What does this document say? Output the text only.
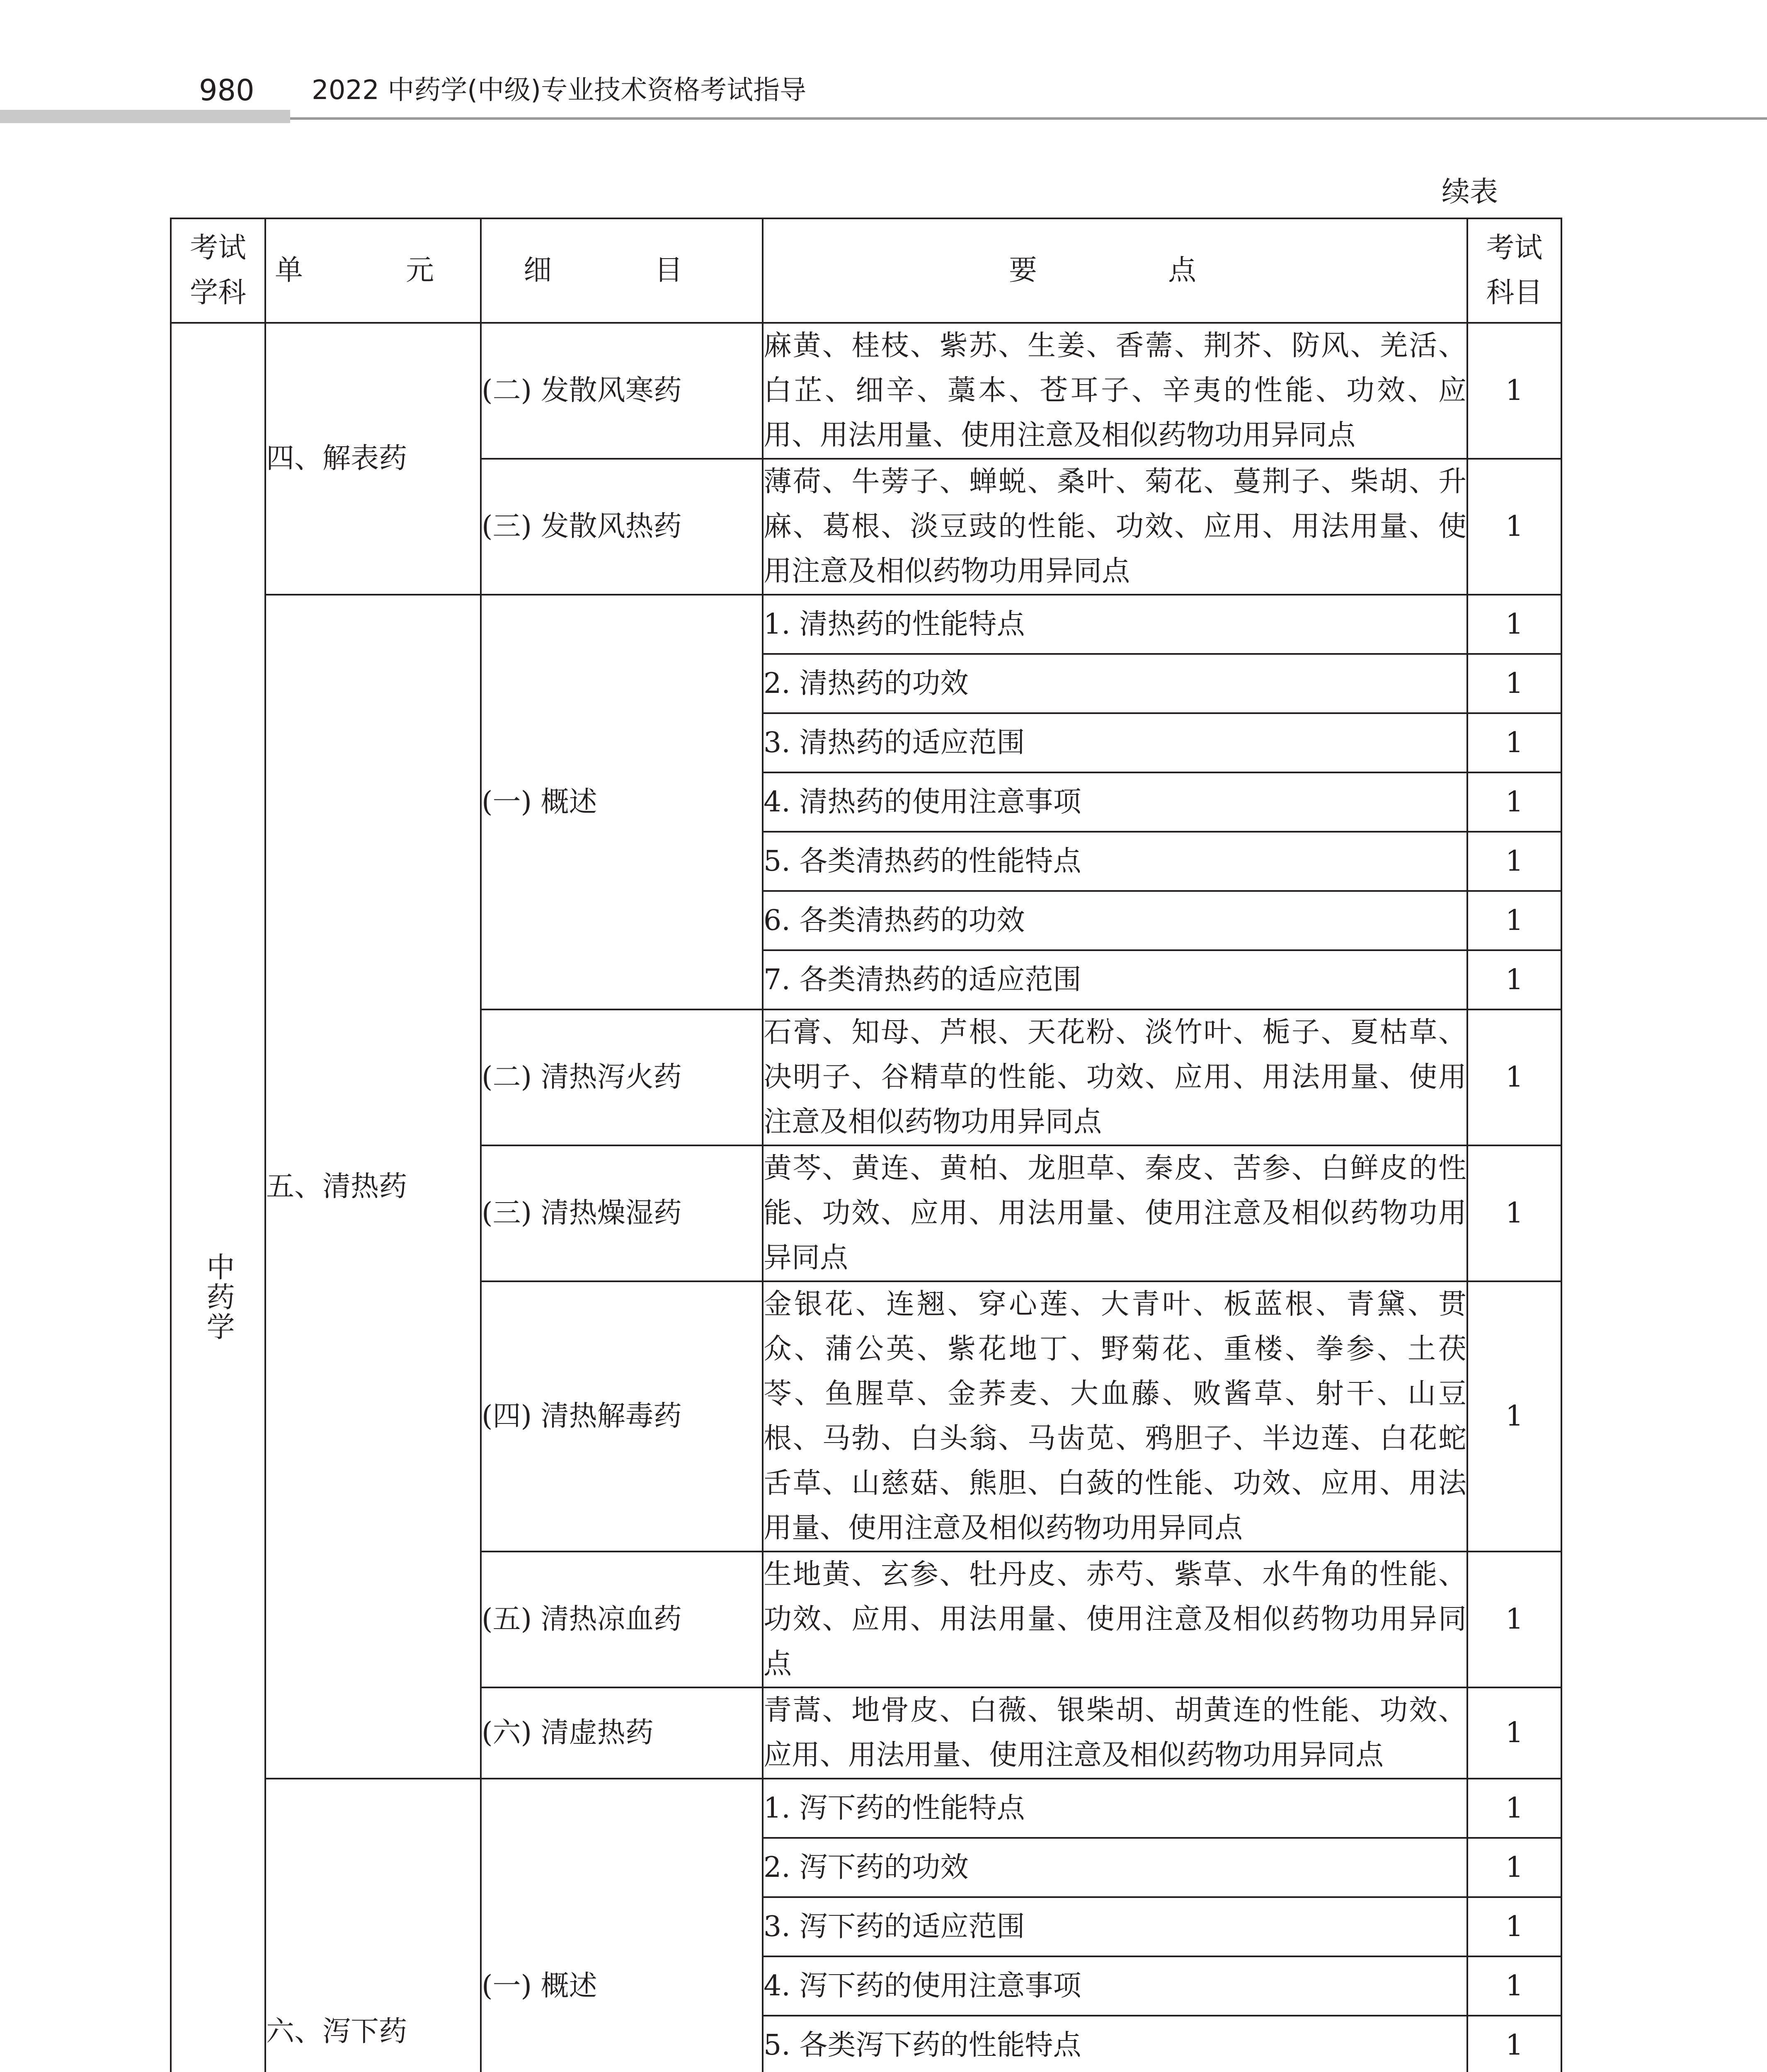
980 2022 中药学(中级)专业技术资格考试指导
续表
考试学科	单　元	细　目	要　　点	考试科目
中药学	四、解表药	(二) 发散风寒药	麻黄、桂枝、紫苏、生姜、香薷、荆芥、防风、羌活、白芷、细辛、藁本、苍耳子、辛夷的性能、功效、应用、用法用量、使用注意及相似药物功用异同点	1
		(三) 发散风热药	薄荷、牛蒡子、蝉蜕、桑叶、菊花、蔓荆子、柴胡、升麻、葛根、淡豆豉的性能、功效、应用、用法用量、使用注意及相似药物功用异同点	1
	五、清热药	(一) 概述	1. 清热药的性能特点	1
			2. 清热药的功效	1
			3. 清热药的适应范围	1
			4. 清热药的使用注意事项	1
			5. 各类清热药的性能特点	1
			6. 各类清热药的功效	1
			7. 各类清热药的适应范围	1
		(二) 清热泻火药	石膏、知母、芦根、天花粉、淡竹叶、栀子、夏枯草、决明子、谷精草的性能、功效、应用、用法用量、使用注意及相似药物功用异同点	1
		(三) 清热燥湿药	黄芩、黄连、黄柏、龙胆草、秦皮、苦参、白鲜皮的性能、功效、应用、用法用量、使用注意及相似药物功用异同点	1
		(四) 清热解毒药	金银花、连翘、穿心莲、大青叶、板蓝根、青黛、贯众、蒲公英、紫花地丁、野菊花、重楼、拳参、土茯苓、鱼腥草、金荞麦、大血藤、败酱草、射干、山豆根、马勃、白头翁、马齿苋、鸦胆子、半边莲、白花蛇舌草、山慈菇、熊胆、白蔹的性能、功效、应用、用法用量、使用注意及相似药物功用异同点	1
		(五) 清热凉血药	生地黄、玄参、牡丹皮、赤芍、紫草、水牛角的性能、功效、应用、用法用量、使用注意及相似药物功用异同点	1
		(六) 清虚热药	青蒿、地骨皮、白薇、银柴胡、胡黄连的性能、功效、应用、用法用量、使用注意及相似药物功用异同点	1
	六、泻下药	(一) 概述	1. 泻下药的性能特点	1
			2. 泻下药的功效	1
			3. 泻下药的适应范围	1
			4. 泻下药的使用注意事项	1
			5. 各类泻下药的性能特点	1
